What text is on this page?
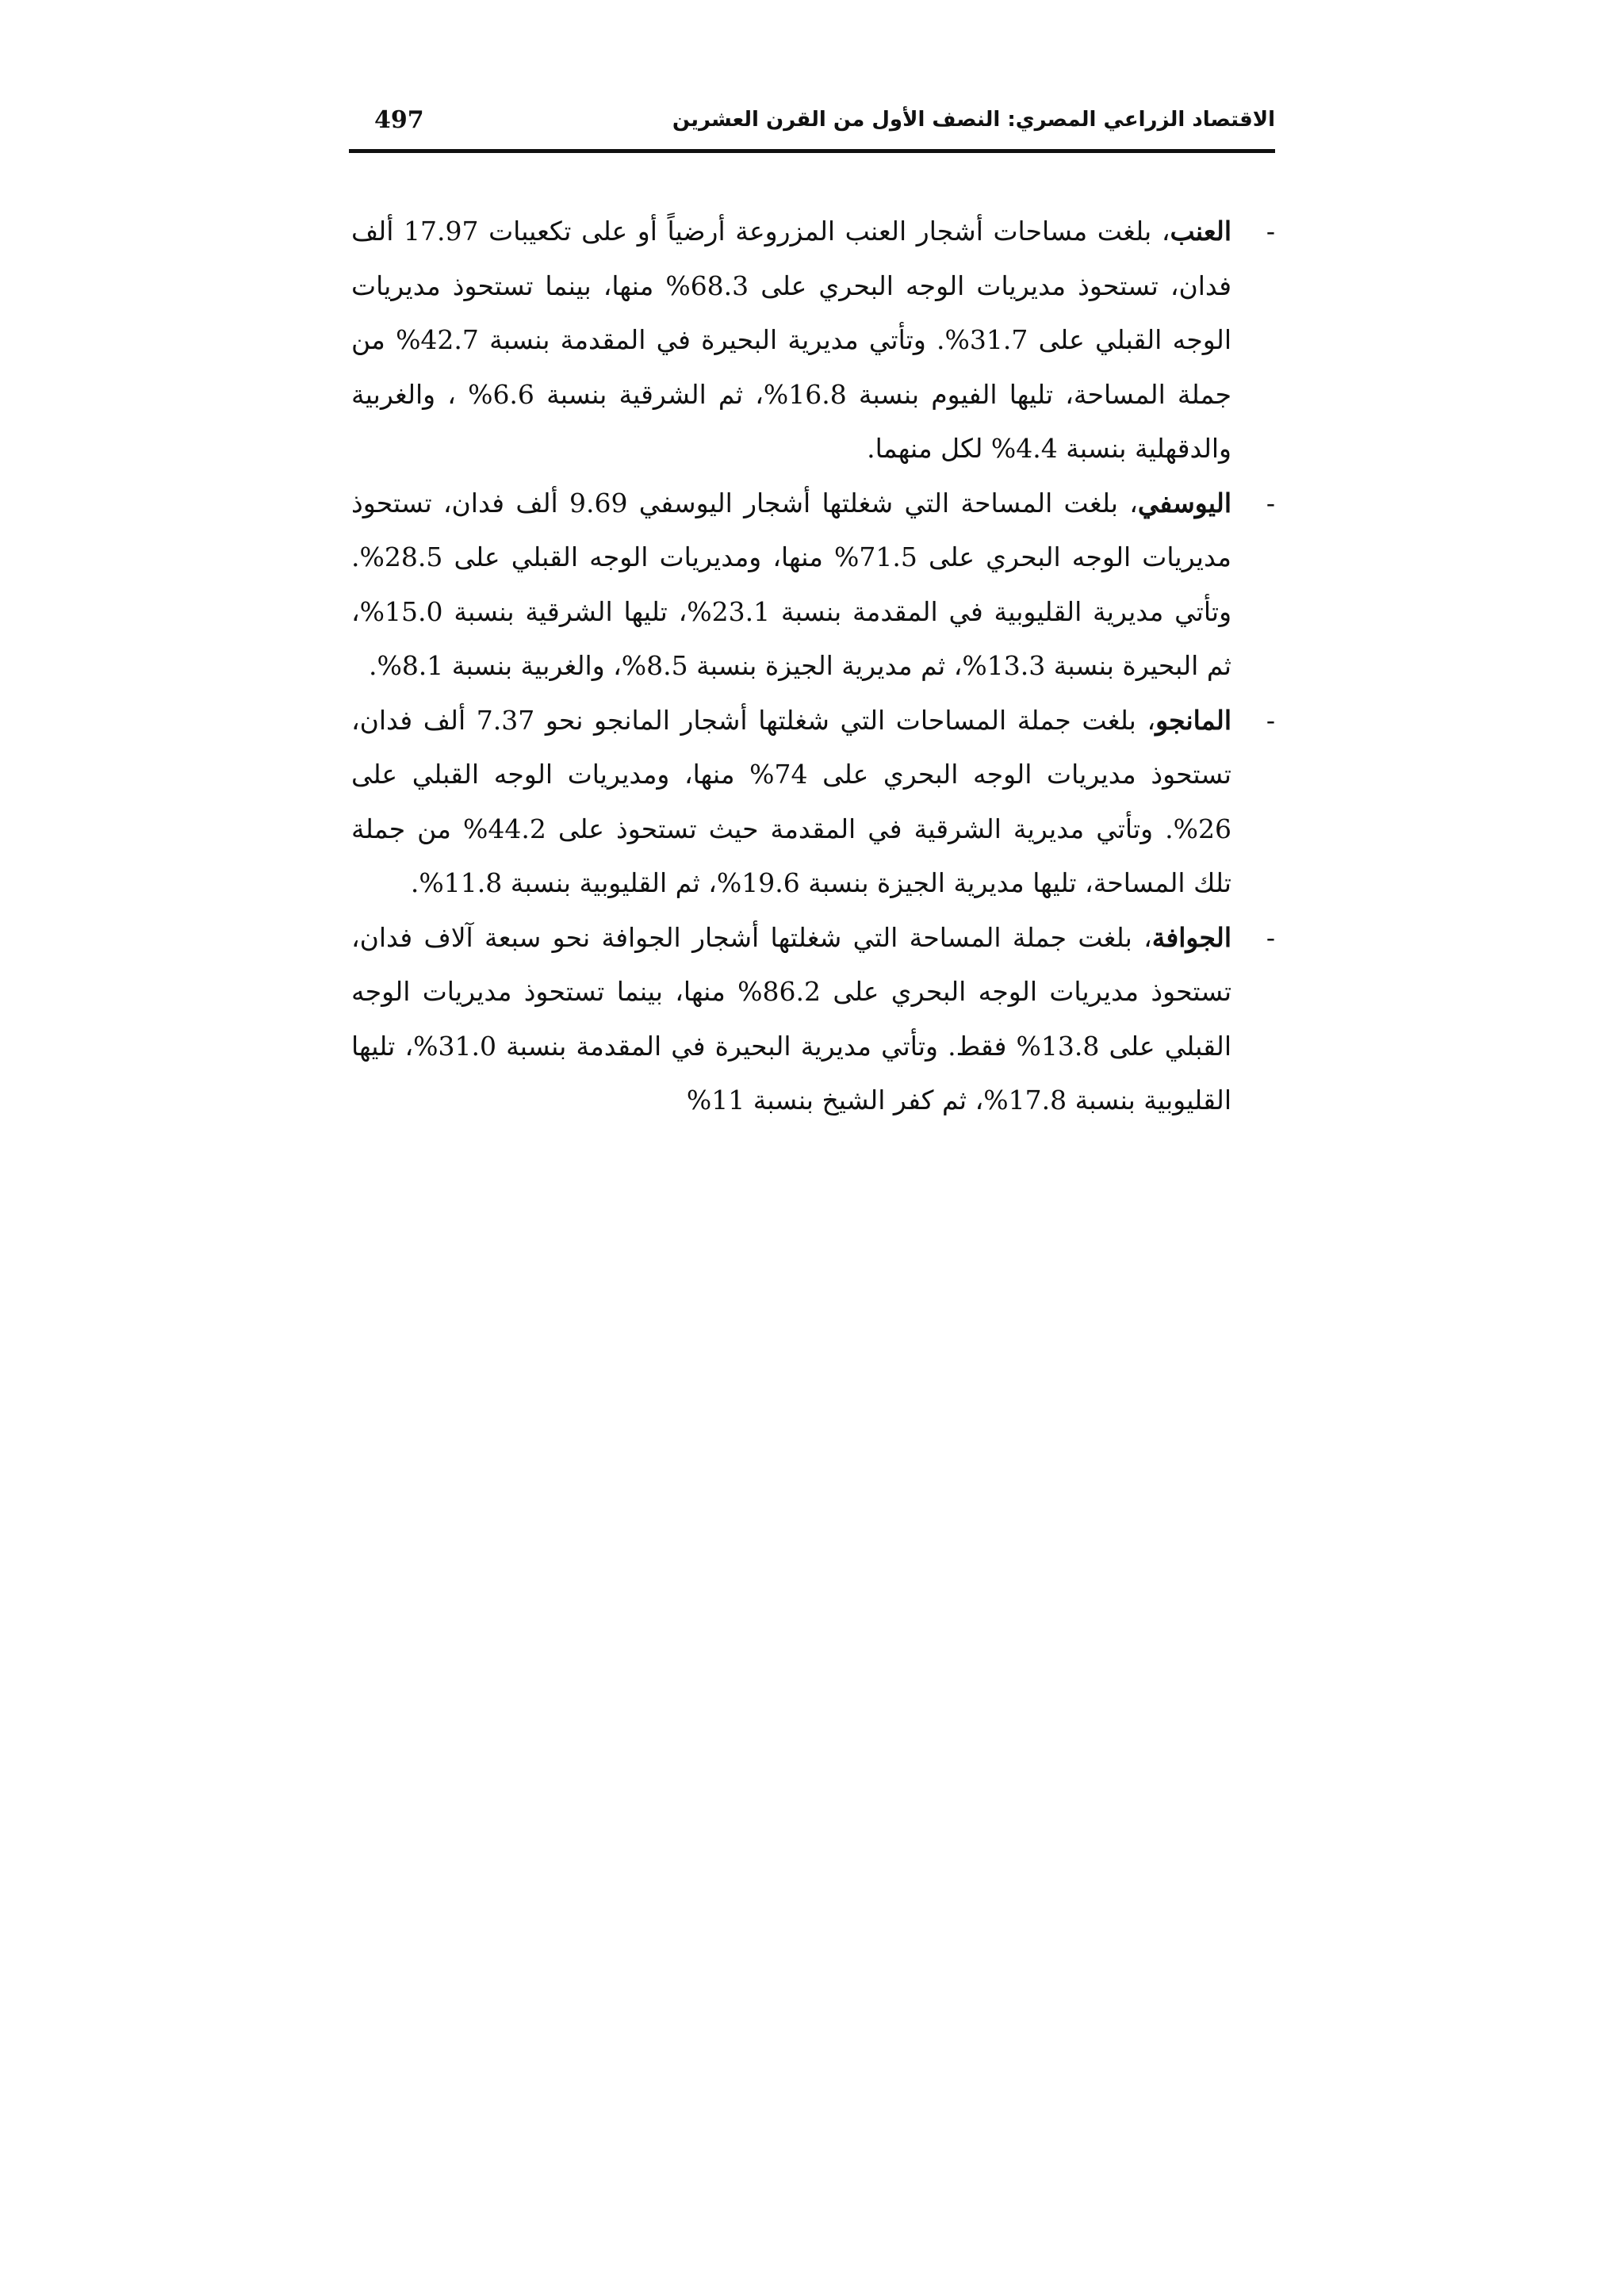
الاقتصاد الزراعي المصري: النصف الأول من القرن العشرين
497
-
العنب، بلغت مساحات أشجار العنب المزروعة أرضياً أو على تكعيبات 17.97 ألف فدان، تستحوذ مديريات الوجه البحري على 68.3% منها، بينما تستحوذ مديريات الوجه القبلي على 31.7%. وتأتي مديرية البحيرة في المقدمة بنسبة 42.7% من جملة المساحة، تليها الفيوم بنسبة 16.8%، ثم الشرقية بنسبة 6.6% ، والغربية والدقهلية بنسبة 4.4% لكل منهما.
-
اليوسفي، بلغت المساحة التي شغلتها أشجار اليوسفي 9.69 ألف فدان، تستحوذ مديريات الوجه البحري على 71.5% منها، ومديريات الوجه القبلي على 28.5%. وتأتي مديرية القليوبية في المقدمة بنسبة 23.1%، تليها الشرقية بنسبة 15.0%، ثم البحيرة بنسبة 13.3%، ثم مديرية الجيزة بنسبة 8.5%، والغربية بنسبة 8.1%.
-
المانجو، بلغت جملة المساحات التي شغلتها أشجار المانجو نحو 7.37 ألف فدان، تستحوذ مديريات الوجه البحري على 74% منها، ومديريات الوجه القبلي على 26%. وتأتي مديرية الشرقية في المقدمة حيث تستحوذ على 44.2% من جملة تلك المساحة، تليها مديرية الجيزة بنسبة 19.6%، ثم القليوبية بنسبة 11.8%.
-
الجوافة، بلغت جملة المساحة التي شغلتها أشجار الجوافة نحو سبعة آلاف فدان، تستحوذ مديريات الوجه البحري على 86.2% منها، بينما تستحوذ مديريات الوجه القبلي على 13.8% فقط. وتأتي مديرية البحيرة في المقدمة بنسبة 31.0%، تليها القليوبية بنسبة 17.8%، ثم كفر الشيخ بنسبة 11%
